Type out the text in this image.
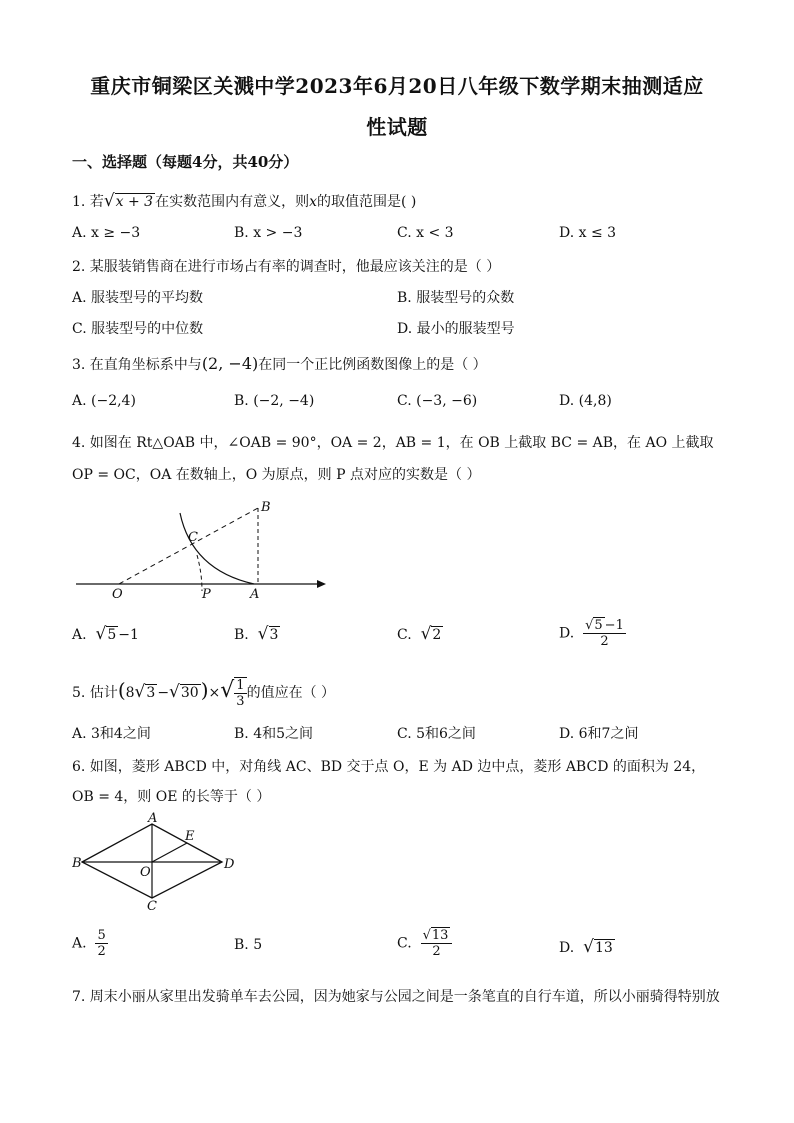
重庆市铜梁区关溅中学2023年6月20日八年级下数学期末抽测适应
性试题
一、选择题（每题4分，共40分）
1. 若√x + 3 在实数范围内有意义，则x的取值范围是( )
A. x ≥ −3	B. x > −3	C. x < 3	D. x ≤ 3
2. 某服装销售商在进行市场占有率的调查时，他最应该关注的是（ ）
A. 服装型号的平均数	B. 服装型号的众数
C. 服装型号的中位数	D. 最小的服装型号
3. 在直角坐标系中与(2, −4)在同一个正比例函数图像上的是（ ）
A. (−2,4)	B. (−2, −4)	C. (−3, −6)	D. (4,8)
4. 如图在 Rt△OAB 中，∠OAB = 90°，OA = 2，AB = 1，在 OB 上截取 BC = AB，在 AO 上截取
OP = OC，OA 在数轴上，O 为原点，则 P 点对应的实数是（ ）
B
C
O	P	A
A. √5 −1	B. √3	C. √2	D. $\frac{√5 -1}{2}$
5. 估计(8√3 −√30 )×√ $\frac{1}{3}$ 的值应在（ ）
A. 3和4之间	B. 4和5之间	C. 5和6之间	D. 6和7之间
6. 如图，菱形 ABCD 中，对角线 AC、BD 交于点 O，E 为 AD 边中点，菱形 ABCD 的面积为 24，
OB = 4，则 OE 的长等于（ ）
A
E
B
O
D
C
A. $\frac{5}{2}$	B. 5	C. $\frac{√13}{2}$	D. √13
7. 周末小丽从家里出发骑单车去公园，因为她家与公园之间是一条笔直的自行车道，所以小丽骑得特别放
